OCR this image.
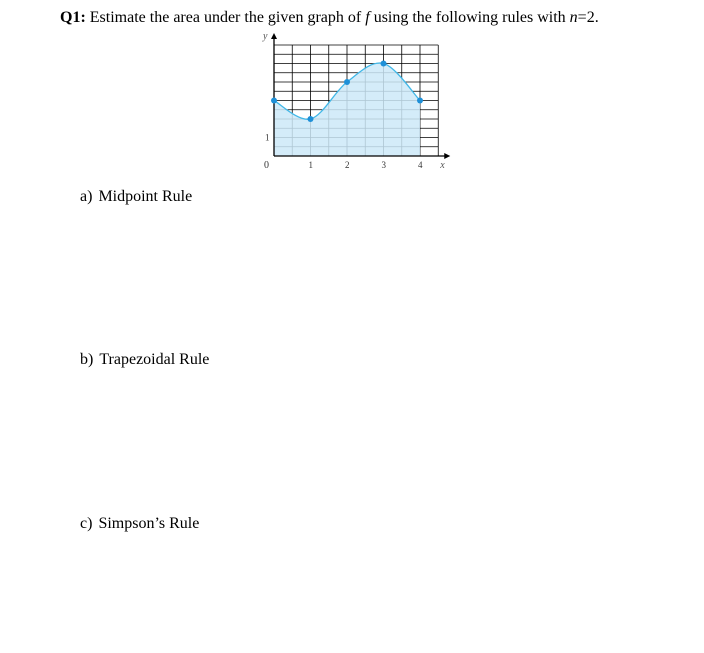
Q1: Estimate the area under the given graph of f using the following rules with n=2.
y
x
0
1
1	2	3	4
a) Midpoint Rule
b) Trapezoidal Rule
c) Simpson’s Rule
